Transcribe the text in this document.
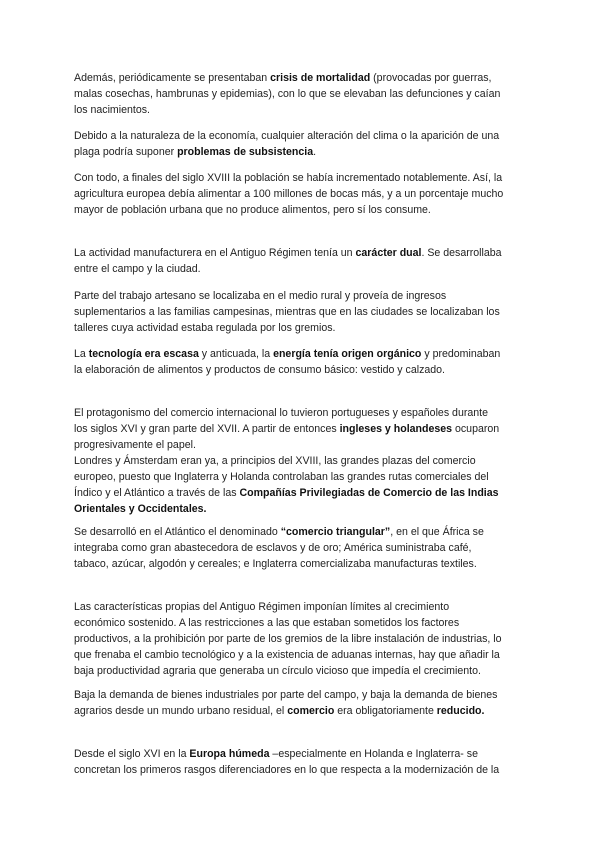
Además, periódicamente se presentaban crisis de mortalidad (provocadas por guerras,
malas cosechas, hambrunas y epidemias), con lo que se elevaban las defunciones y caían
los nacimientos.

Debido a la naturaleza de la economía, cualquier alteración del clima o la aparición de una
plaga podría suponer problemas de subsistencia.

Con todo, a finales del siglo XVIII la población se había incrementado notablemente. Así, la
agricultura europea debía alimentar a 100 millones de bocas más, y a un porcentaje mucho
mayor de población urbana que no produce alimentos, pero sí los consume.

La actividad manufacturera en el Antiguo Régimen tenía un carácter dual. Se desarrollaba
entre el campo y la ciudad.

Parte del trabajo artesano se localizaba en el medio rural y proveía de ingresos
suplementarios a las familias campesinas, mientras que en las ciudades se localizaban los
talleres cuya actividad estaba regulada por los gremios.

La tecnología era escasa y anticuada, la energía tenía origen orgánico y predominaban
la elaboración de alimentos y productos de consumo básico: vestido y calzado.

El protagonismo del comercio internacional lo tuvieron portugueses y españoles durante
los siglos XVI y gran parte del XVII. A partir de entonces ingleses y holandeses ocuparon
progresivamente el papel.
Londres y Ámsterdam eran ya, a principios del XVIII, las grandes plazas del comercio
europeo, puesto que Inglaterra y Holanda controlaban las grandes rutas comerciales del
Índico y el Atlántico a través de las Compañías Privilegiadas de Comercio de las Indias
Orientales y Occidentales.

Se desarrolló en el Atlántico el denominado “comercio triangular”, en el que África se
integraba como gran abastecedora de esclavos y de oro; América suministraba café,
tabaco, azúcar, algodón y cereales; e Inglaterra comercializaba manufacturas textiles.

Las características propias del Antiguo Régimen imponían límites al crecimiento
económico sostenido. A las restricciones a las que estaban sometidos los factores
productivos, a la prohibición por parte de los gremios de la libre instalación de industrias, lo
que frenaba el cambio tecnológico y a la existencia de aduanas internas, hay que añadir la
baja productividad agraria que generaba un círculo vicioso que impedía el crecimiento.

Baja la demanda de bienes industriales por parte del campo, y baja la demanda de bienes
agrarios desde un mundo urbano residual, el comercio era obligatoriamente reducido.

Desde el siglo XVI en la Europa húmeda –especialmente en Holanda e Inglaterra- se
concretan los primeros rasgos diferenciadores en lo que respecta a la modernización de la
